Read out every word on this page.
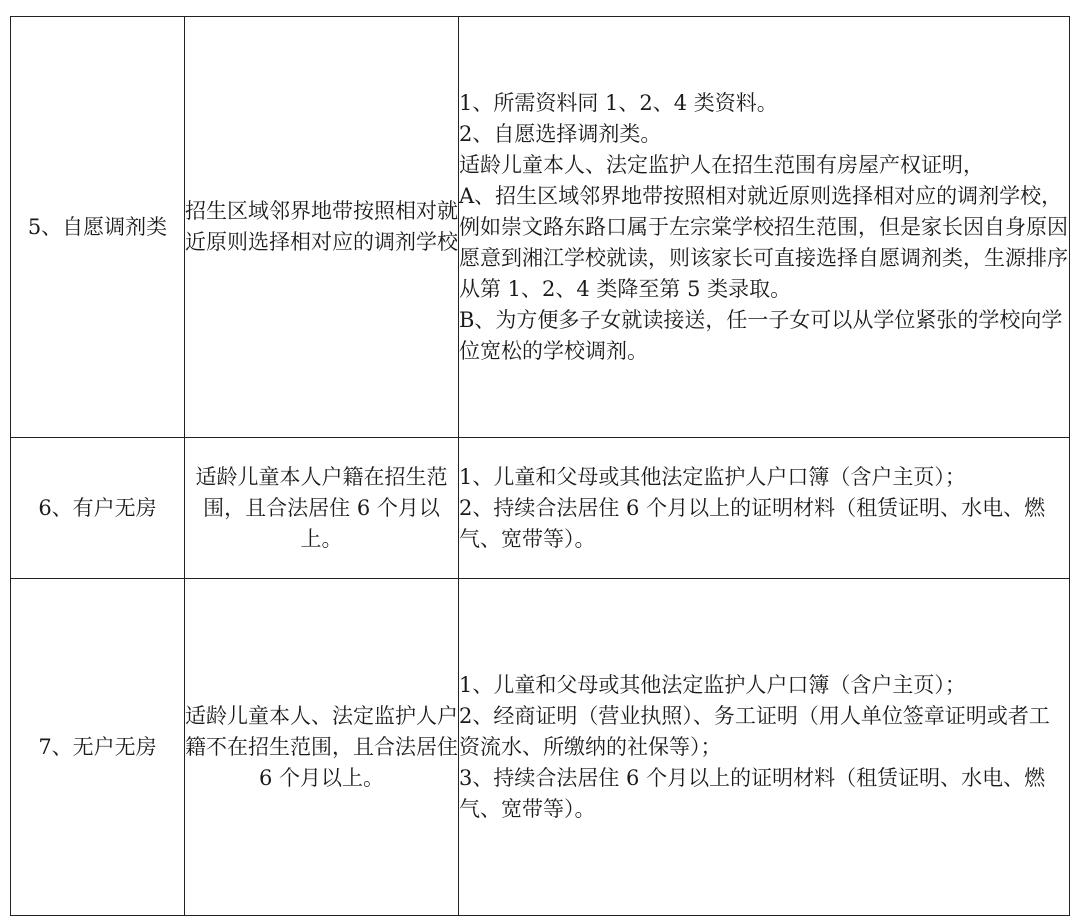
5、自愿调剂类	招生区域邻界地带按照相对就近原则选择相对应的调剂学校	1、所需资料同 1、2、4 类资料。
2、自愿选择调剂类。
适龄儿童本人、法定监护人在招生范围有房屋产权证明，
A、招生区域邻界地带按照相对就近原则选择相对应的调剂学校，例如崇文路东路口属于左宗棠学校招生范围，但是家长因自身原因愿意到湘江学校就读，则该家长可直接选择自愿调剂类，生源排序从第 1、2、4 类降至第 5 类录取。
B、为方便多子女就读接送，任一子女可以从学位紧张的学校向学位宽松的学校调剂。

6、有户无房	适龄儿童本人户籍在招生范围，且合法居住 6 个月以上。	1、儿童和父母或其他法定监护人户口簿（含户主页）；
2、持续合法居住 6 个月以上的证明材料（租赁证明、水电、燃气、宽带等）。

7、无户无房	适龄儿童本人、法定监护人户籍不在招生范围，且合法居住 6 个月以上。	1、儿童和父母或其他法定监护人户口簿（含户主页）；
2、经商证明（营业执照）、务工证明（用人单位签章证明或者工资流水、所缴纳的社保等）；
3、持续合法居住 6 个月以上的证明材料（租赁证明、水电、燃气、宽带等）。
